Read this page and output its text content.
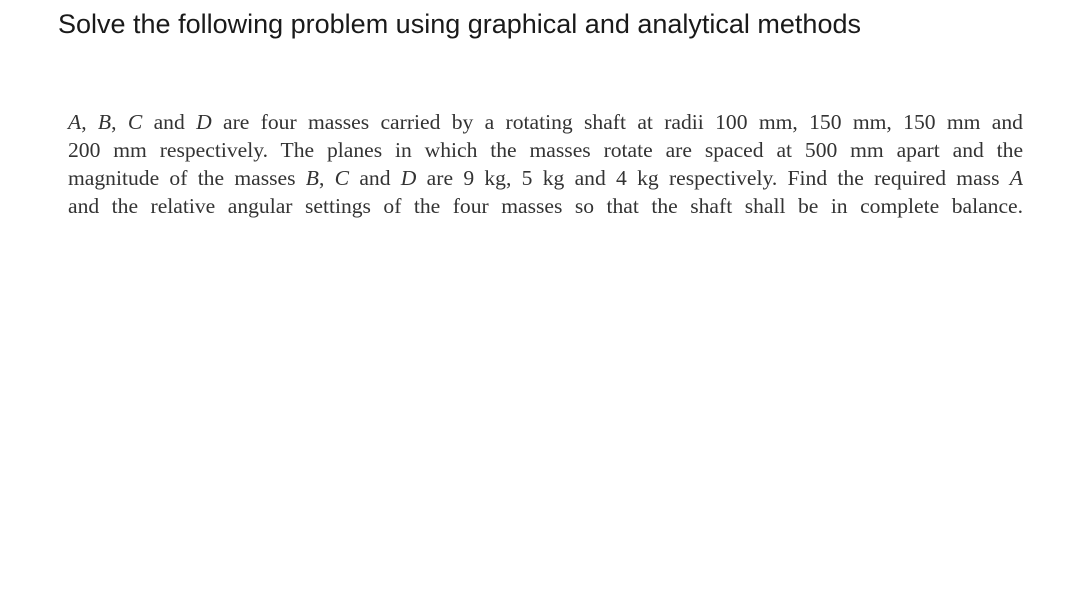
Solve the following problem using graphical and analytical methods
A, B, C and D are four masses carried by a rotating shaft at radii 100 mm, 150 mm, 150 mm and
200 mm respectively. The planes in which the masses rotate are spaced at 500 mm apart and the
magnitude of the masses B, C and D are 9 kg, 5 kg and 4 kg respectively. Find the required mass A
and the relative angular settings of the four masses so that the shaft shall be in complete balance.
